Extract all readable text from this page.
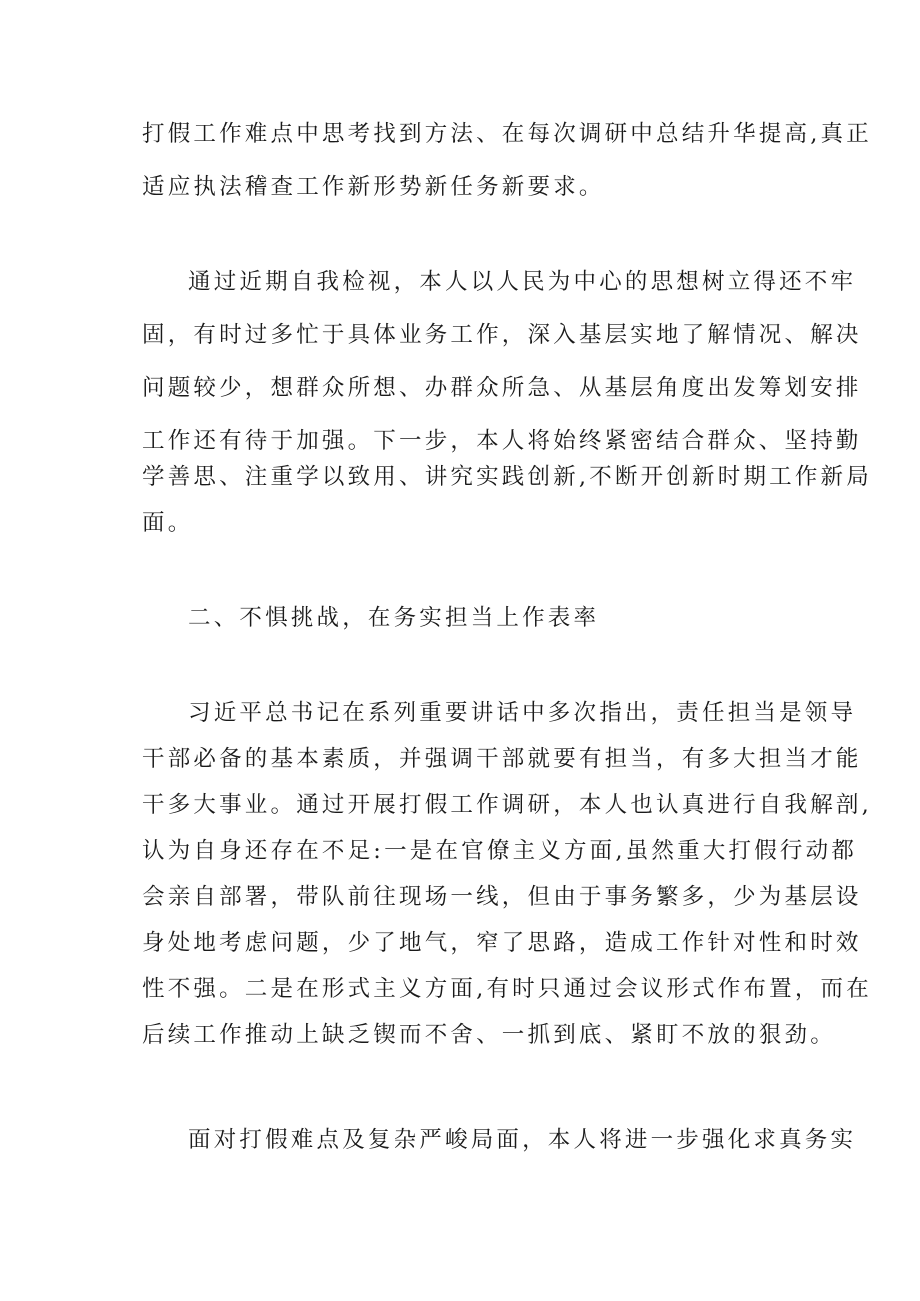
打假工作难点中思考找到方法、在每次调研中总结升华提高,真正
适应执法稽查工作新形势新任务新要求。
通过近期自我检视，本人以人民为中心的思想树立得还不牢
固，有时过多忙于具体业务工作，深入基层实地了解情况、解决
问题较少，想群众所想、办群众所急、从基层角度出发筹划安排
工作还有待于加强。下一步，本人将始终紧密结合群众、坚持勤
学善思、注重学以致用、讲究实践创新,不断开创新时期工作新局
面。
二、不惧挑战，在务实担当上作表率
习近平总书记在系列重要讲话中多次指出，责任担当是领导
干部必备的基本素质，并强调干部就要有担当，有多大担当才能
干多大事业。通过开展打假工作调研，本人也认真进行自我解剖,
认为自身还存在不足:一是在官僚主义方面,虽然重大打假行动都
会亲自部署，带队前往现场一线，但由于事务繁多，少为基层设
身处地考虑问题，少了地气，窄了思路，造成工作针对性和时效
性不强。二是在形式主义方面,有时只通过会议形式作布置，而在
后续工作推动上缺乏锲而不舍、一抓到底、紧盯不放的狠劲。
面对打假难点及复杂严峻局面，本人将进一步强化求真务实
